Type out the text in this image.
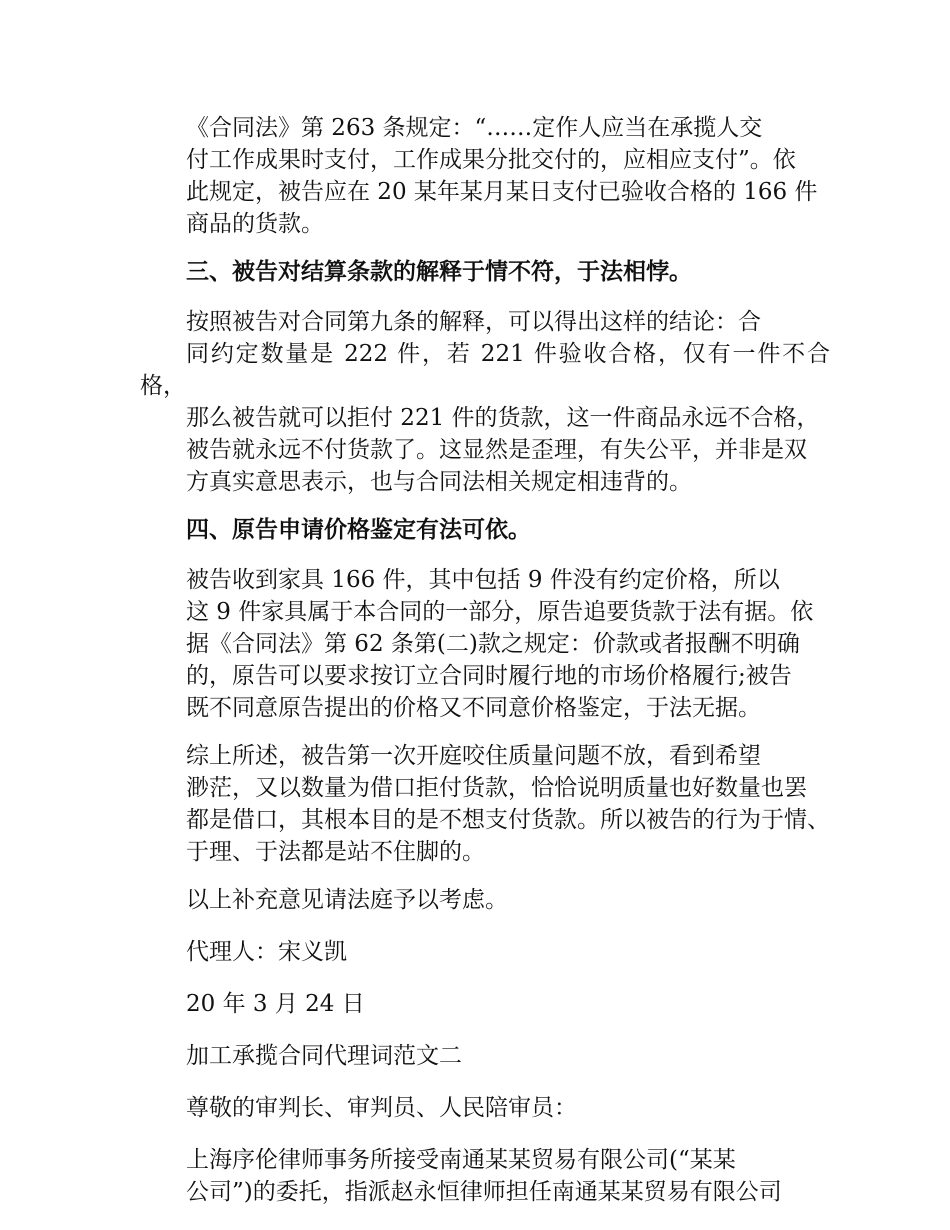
《合同法》第 263 条规定：“……定作人应当在承揽人交
付工作成果时支付，工作成果分批交付的，应相应支付”。依
此规定，被告应在 20 某年某月某日支付已验收合格的 166 件
商品的货款。
三、被告对结算条款的解释于情不符，于法相悖。
按照被告对合同第九条的解释，可以得出这样的结论：合
同约定数量是 222 件，若 221 件验收合格，仅有一件不合格，
那么被告就可以拒付 221 件的货款，这一件商品永远不合格，
被告就永远不付货款了。这显然是歪理，有失公平，并非是双
方真实意思表示，也与合同法相关规定相违背的。
四、原告申请价格鉴定有法可依。
被告收到家具 166 件，其中包括 9 件没有约定价格，所以
这 9 件家具属于本合同的一部分，原告追要货款于法有据。依
据《合同法》第 62 条第(二)款之规定：价款或者报酬不明确
的，原告可以要求按订立合同时履行地的市场价格履行;被告
既不同意原告提出的价格又不同意价格鉴定，于法无据。
综上所述，被告第一次开庭咬住质量问题不放，看到希望
渺茫，又以数量为借口拒付货款，恰恰说明质量也好数量也罢
都是借口，其根本目的是不想支付货款。所以被告的行为于情、
于理、于法都是站不住脚的。
以上补充意见请法庭予以考虑。
代理人：宋义凯
20 年 3 月 24 日
加工承揽合同代理词范文二
尊敬的审判长、审判员、人民陪审员：
上海序伦律师事务所接受南通某某贸易有限公司(“某某
公司”)的委托，指派赵永恒律师担任南通某某贸易有限公司
